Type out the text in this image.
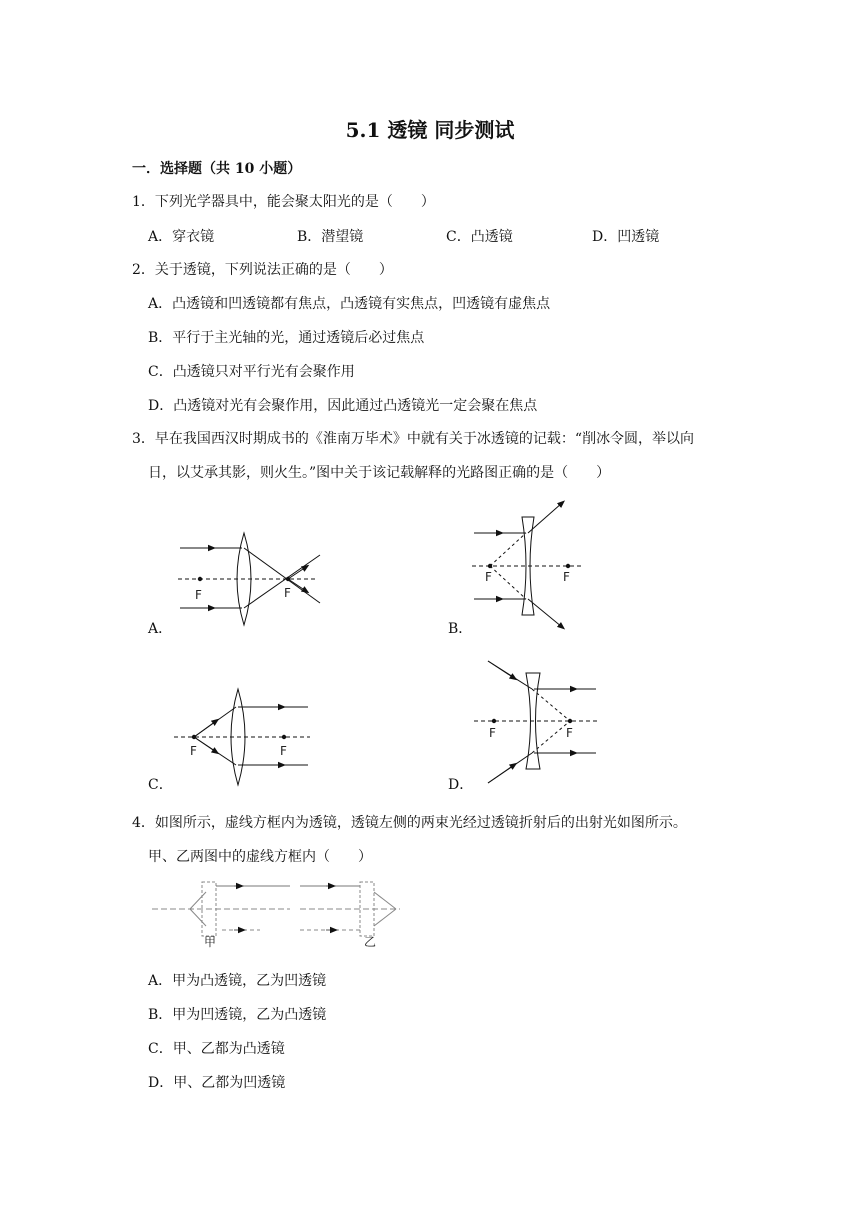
5.1 透镜 同步测试
一．选择题（共 10 小题）
1．下列光学器具中，能会聚太阳光的是（　　）
A．穿衣镜	B．潜望镜	C．凸透镜	D．凹透镜
2．关于透镜，下列说法正确的是（　　）
A．凸透镜和凹透镜都有焦点，凸透镜有实焦点，凹透镜有虚焦点
B．平行于主光轴的光，通过透镜后必过焦点
C．凸透镜只对平行光有会聚作用
D．凸透镜对光有会聚作用，因此通过凸透镜光一定会聚在焦点
3．早在我国西汉时期成书的《淮南万毕术》中就有关于冰透镜的记载：“削冰令圆，举以向
日，以艾承其影，则火生。”图中关于该记载解释的光路图正确的是（　　）
F	F
A．
F	F
B．
F	F
C．
F	F
D．
4．如图所示，虚线方框内为透镜，透镜左侧的两束光经过透镜折射后的出射光如图所示。
甲、乙两图中的虚线方框内（　　）
甲	乙
A．甲为凸透镜，乙为凹透镜
B．甲为凹透镜，乙为凸透镜
C．甲、乙都为凸透镜
D．甲、乙都为凹透镜
